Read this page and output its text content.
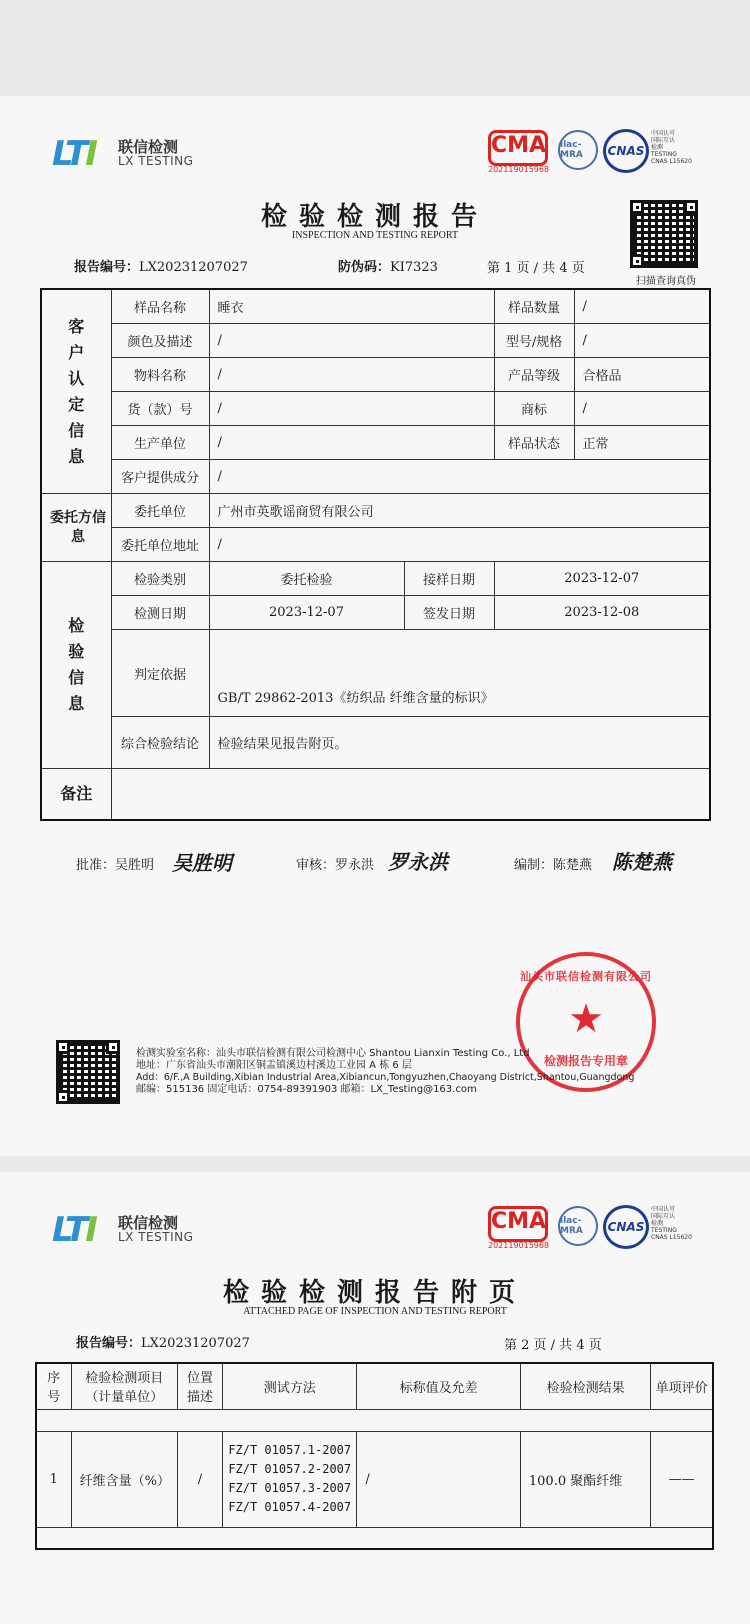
LTI 联信检测
LX TESTING
CMA
202119015968
ilac-MRA	CNAS
中国认可
国际互认
检测
TESTING
CNAS L15620
检验检测报告
INSPECTION AND TESTING REPORT
扫描查询真伪
报告编号：LX20231207027	防伪码：KI7323	第 1 页 / 共 4 页
客户认定信息	样品名称	睡衣		样品数量	/
	颜色及描述	/		型号/规格	/
	物料名称	/		产品等级	合格品
	货（款）号	/		商标	/
	生产单位	/		样品状态	正常
	客户提供成分	/			

委托方信息	委托单位	广州市英歌谣商贸有限公司			
	委托单位地址	/			

检验信息	检验类别	委托检验	接样日期	2023-12-07	
	检测日期	2023-12-07	签发日期	2023-12-08	
	判定依据	GB/T 29862-2013《纺织品 纤维含量的标识》			
	综合检验结论	检验结果见报告附页。			
备注					
批准：吴胜明 吴胜明	审核：罗永洪 罗永洪	编制：陈楚燕 陈楚燕
汕头市联信检测有限公司
★
检测报告专用章
检测实验室名称：汕头市联信检测有限公司检测中心 Shantou Lianxin Testing Co., Ltd
地址：广东省汕头市潮阳区铜盂镇溪边村溪边工业园 A 栋 6 层
Add：6/F.,A Building,Xibian Industrial Area,Xibiancun,Tongyuzhen,Chaoyang District,Shantou,Guangdong
邮编：515136 固定电话：0754-89391903 邮箱：LX_Testing@163.com
LTI 联信检测
LX TESTING
CMA
202119015968
ilac-MRA	CNAS
中国认可
国际互认
检测
TESTING
CNAS L15620
检验检测报告附页
ATTACHED PAGE OF INSPECTION AND TESTING REPORT
报告编号：LX20231207027	第 2 页 / 共 4 页
序号	检验检测项目（计量单位）	位置描述	测试方法	标称值及允差	检验检测结果	单项评价

1	纤维含量（%）	/	FZ/T 01057.1-2007
FZ/T 01057.2-2007
FZ/T 01057.3-2007
FZ/T 01057.4-2007	/	100.0 聚酯纤维	——
